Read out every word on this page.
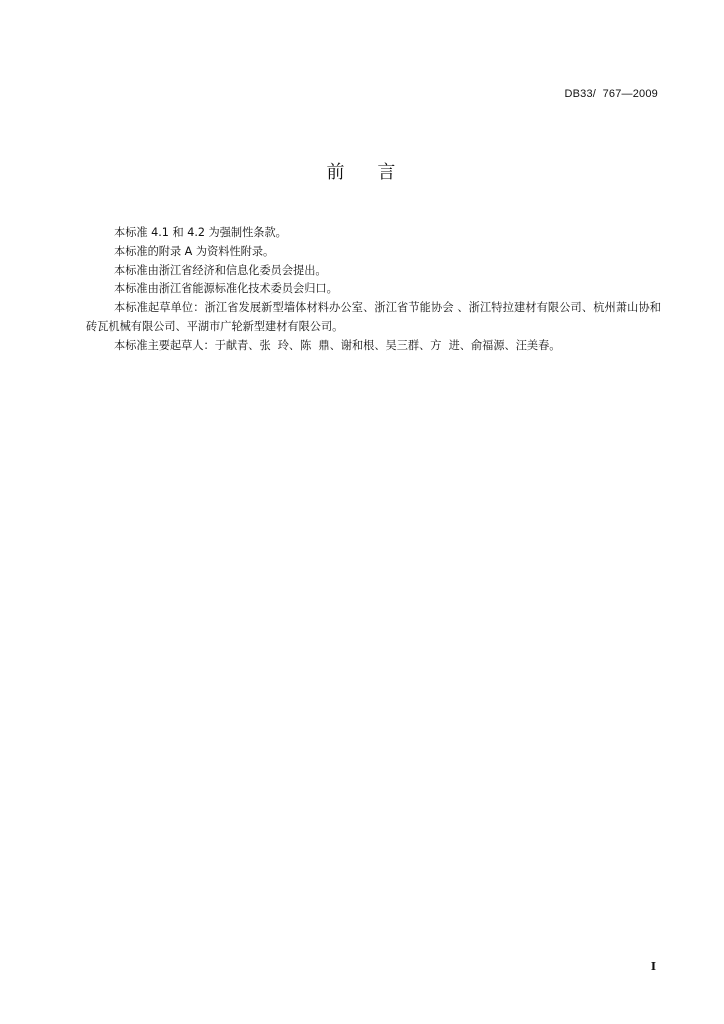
DB33/  767—2009
前    言

本标准 4.1 和 4.2 为强制性条款。

本标准的附录 A 为资料性附录。

本标准由浙江省经济和信息化委员会提出。

本标准由浙江省能源标准化技术委员会归口。

本标准起草单位：浙江省发展新型墙体材料办公室、浙江省节能协会 、浙江特拉建材有限公司、杭州萧山协和砖瓦机械有限公司、平湖市广轮新型建材有限公司。

本标准主要起草人：于献青、张  玲、陈  鼎、谢和根、吴三群、方  进、俞福源、汪美春。

I
